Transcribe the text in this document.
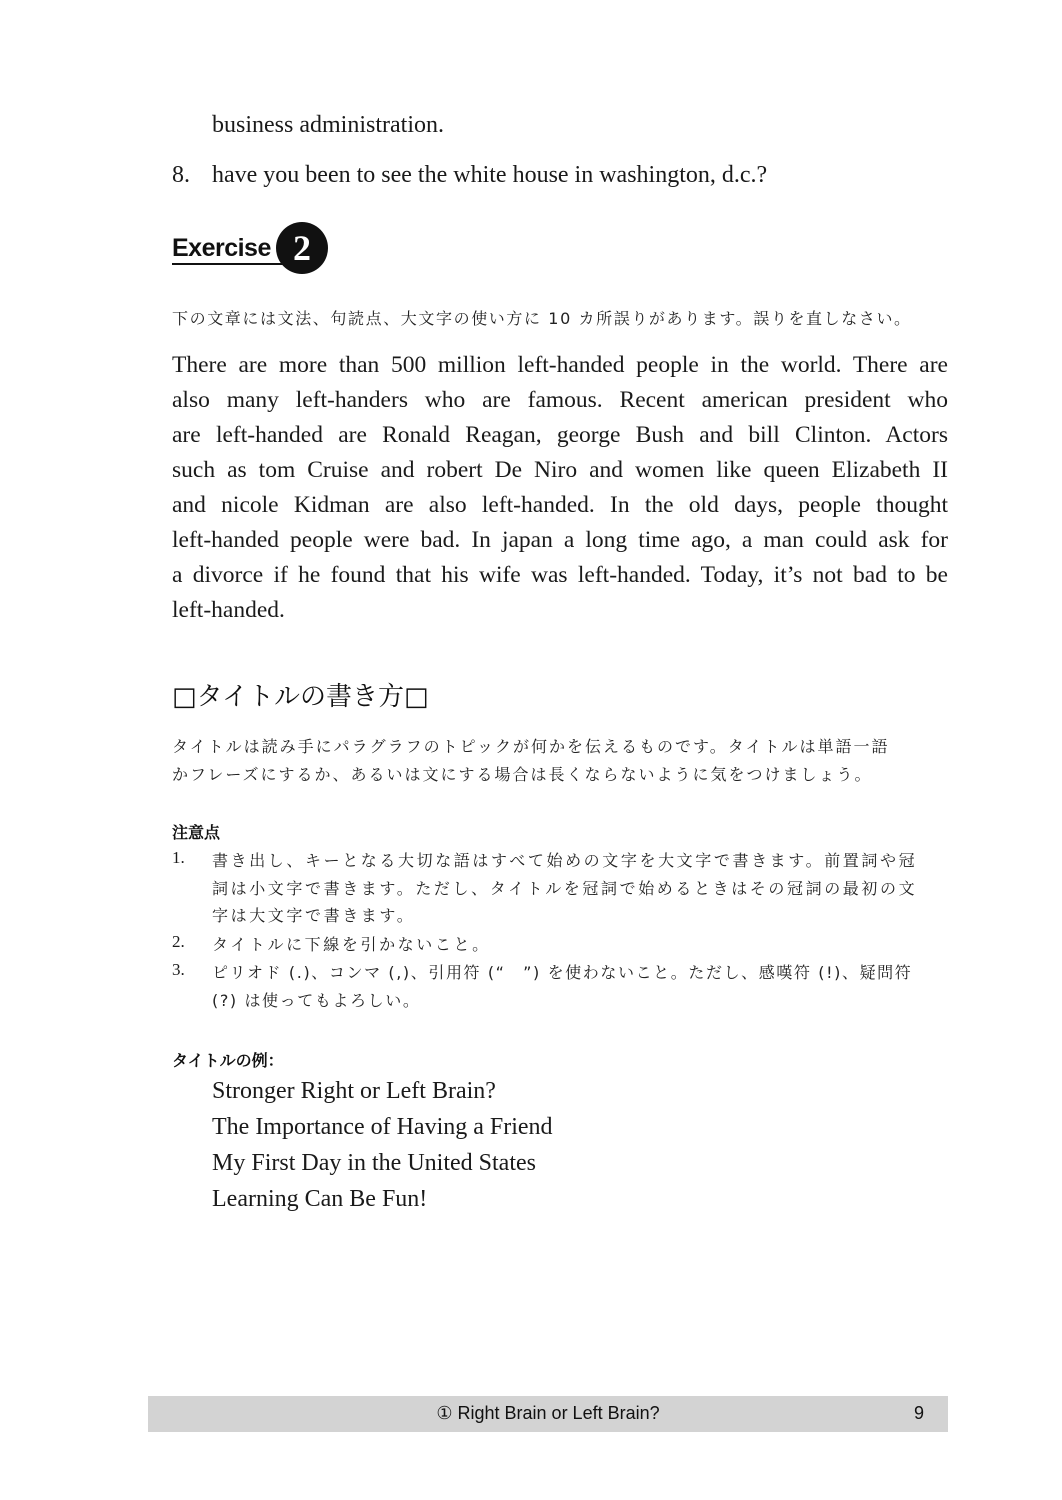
business administration.
8. have you been to see the white house in washington, d.c.?
Exercise 2
下の文章には文法、句読点、大文字の使い方に 10 カ所誤りがあります。誤りを直しなさい。
There are more than 500 million left-handed people in the world. There are
also many left-handers who are famous. Recent american president who
are left-handed are Ronald Reagan, george Bush and bill Clinton. Actors
such as tom Cruise and robert De Niro and women like queen Elizabeth II
and nicole Kidman are also left-handed. In the old days, people thought
left-handed people were bad. In japan a long time ago, a man could ask for
a divorce if he found that his wife was left-handed. Today, it’s not bad to be
left-handed.
□タイトルの書き方□
タイトルは読み手にパラグラフのトピックが何かを伝えるものです。タイトルは単語一語
かフレーズにするか、あるいは文にする場合は長くならないように気をつけましょう。
注意点
1. 書き出し、キーとなる大切な語はすべて始めの文字を大文字で書きます。前置詞や冠
詞は小文字で書きます。ただし、タイトルを冠詞で始めるときはその冠詞の最初の文
字は大文字で書きます。
2. タイトルに下線を引かないこと。
3. ピリオド (.)、コンマ (,)、引用符 (“　”) を使わないこと。ただし、感嘆符 (!)、疑問符
(?) は使ってもよろしい。
タイトルの例：
Stronger Right or Left Brain?
The Importance of Having a Friend
My First Day in the United States
Learning Can Be Fun!
① Right Brain or Left Brain?	9
